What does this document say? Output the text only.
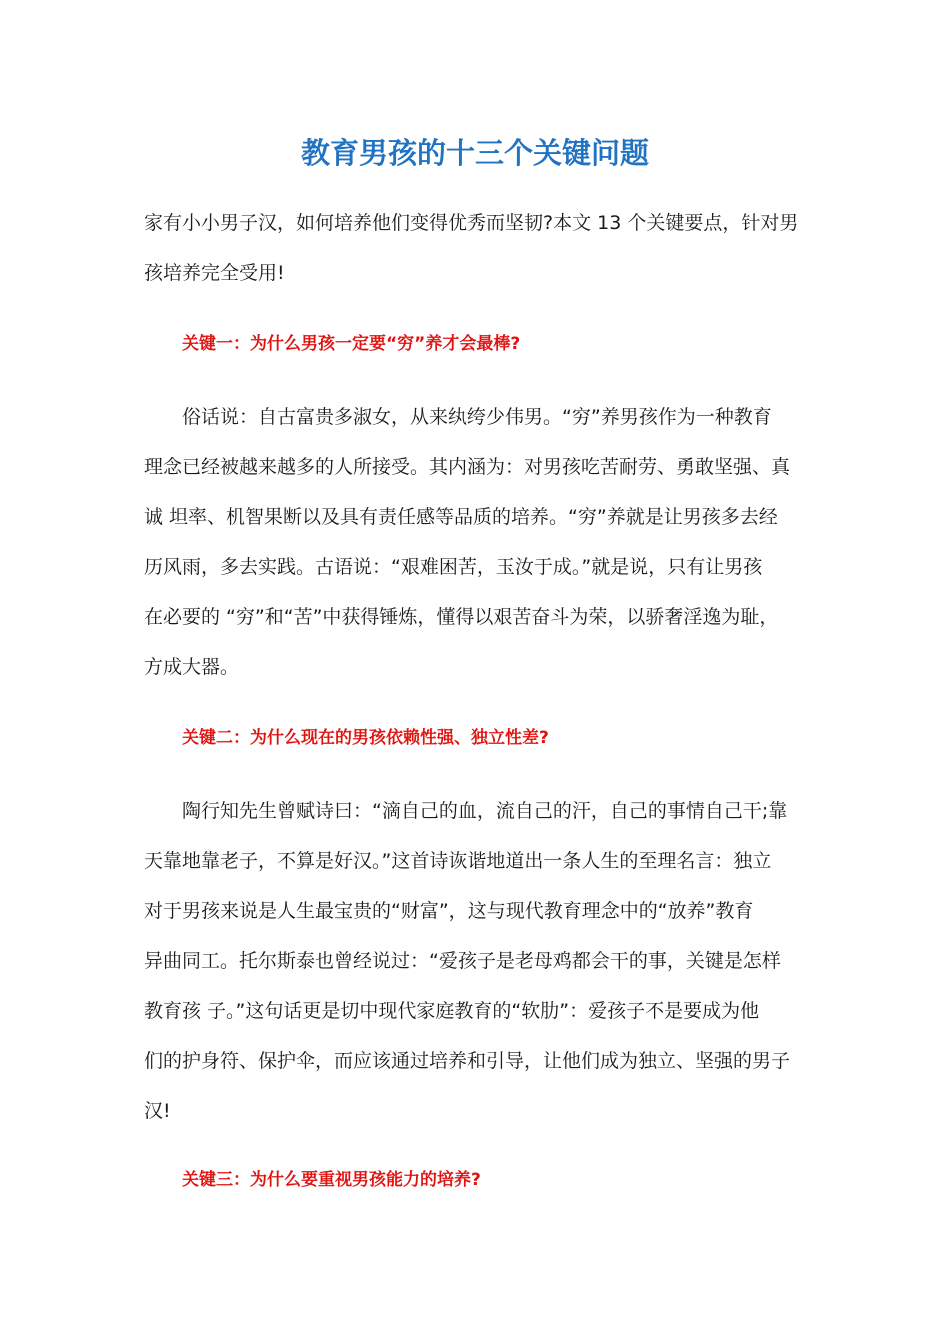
教育男孩的十三个关键问题

家有小小男子汉，如何培养他们变得优秀而坚韧?本文 13 个关键要点，针对男

孩培养完全受用!

关键一：为什么男孩一定要“穷”养才会最棒?

俗话说：自古富贵多淑女，从来纨绔少伟男。“穷”养男孩作为一种教育

理念已经被越来越多的人所接受。其内涵为：对男孩吃苦耐劳、勇敢坚强、真

诚 坦率、机智果断以及具有责任感等品质的培养。“穷”养就是让男孩多去经

历风雨，多去实践。古语说：“艰难困苦，玉汝于成。”就是说，只有让男孩

在必要的 “穷”和“苦”中获得锤炼，懂得以艰苦奋斗为荣，以骄奢淫逸为耻，

方成大器。

关键二：为什么现在的男孩依赖性强、独立性差?

陶行知先生曾赋诗曰：“滴自己的血，流自己的汗，自己的事情自己干;靠

天靠地靠老子，不算是好汉。”这首诗诙谐地道出一条人生的至理名言：独立

对于男孩来说是人生最宝贵的“财富”，这与现代教育理念中的“放养”教育

异曲同工。托尔斯泰也曾经说过：“爱孩子是老母鸡都会干的事，关键是怎样

教育孩 子。”这句话更是切中现代家庭教育的“软肋”：爱孩子不是要成为他

们的护身符、保护伞，而应该通过培养和引导，让他们成为独立、坚强的男子

汉!

关键三：为什么要重视男孩能力的培养?
